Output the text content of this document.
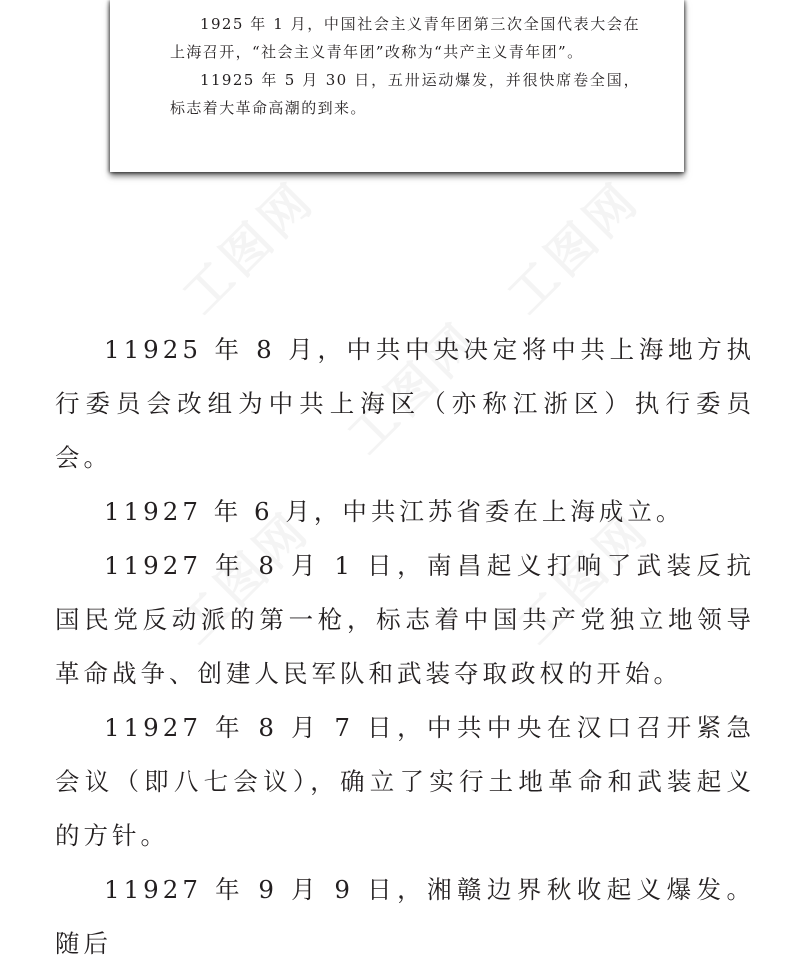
1925 年 1 月，中国社会主义青年团第三次全国代表大会在上海召开，“社会主义青年团”改称为“共产主义青年团”。

11925 年 5 月 30 日，五卅运动爆发，并很快席卷全国，标志着大革命高潮的到来。

工图网	工图网
工图网
工图网	工图网

11925 年 8 月，中共中央决定将中共上海地方执行委员会改组为中共上海区（亦称江浙区）执行委员会。

11927 年 6 月，中共江苏省委在上海成立。

11927 年 8 月 1 日，南昌起义打响了武装反抗国民党反动派的第一枪，标志着中国共产党独立地领导革命战争、创建人民军队和武装夺取政权的开始。

11927 年 8 月 7 日，中共中央在汉口召开紧急会议（即八七会议），确立了实行土地革命和武装起义的方针。

11927 年 9 月 9 日，湘赣边界秋收起义爆发。随后
